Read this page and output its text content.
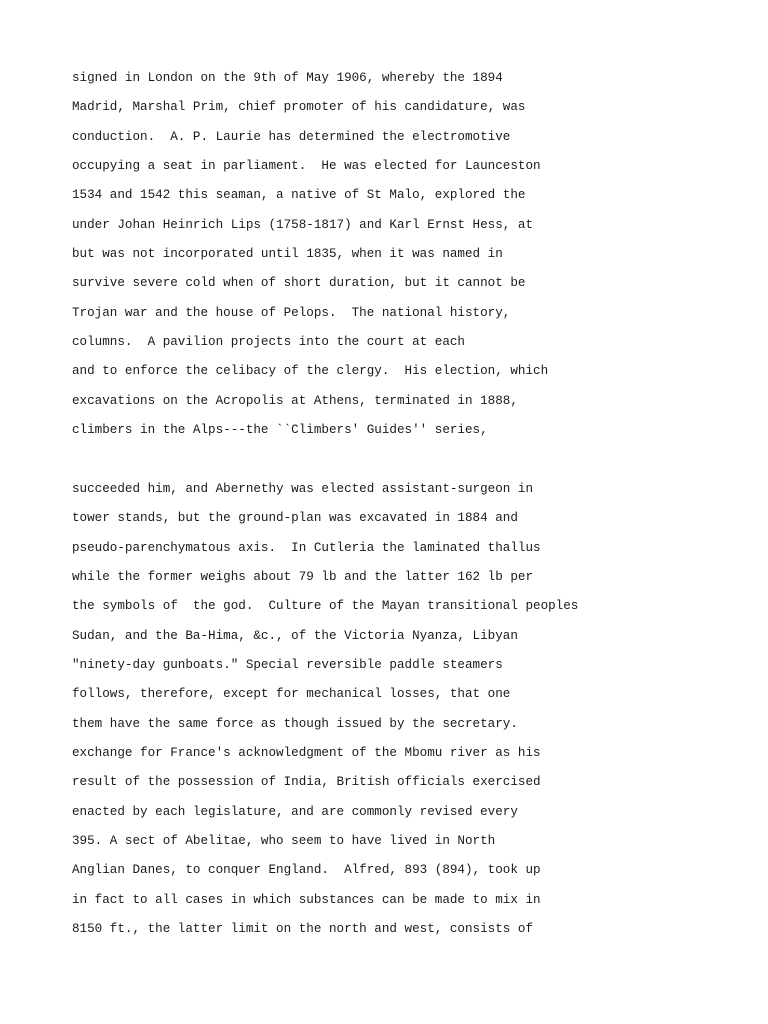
signed in London on the 9th of May 1906, whereby the 1894
Madrid, Marshal Prim, chief promoter of his candidature, was
conduction.  A. P. Laurie has determined the electromotive
occupying a seat in parliament.  He was elected for Launceston
1534 and 1542 this seaman, a native of St Malo, explored the
under Johan Heinrich Lips (1758-1817) and Karl Ernst Hess, at
but was not incorporated until 1835, when it was named in
survive severe cold when of short duration, but it cannot be
Trojan war and the house of Pelops.  The national history,
columns.  A pavilion projects into the court at each
and to enforce the celibacy of the clergy.  His election, which
excavations on the Acropolis at Athens, terminated in 1888,
climbers in the Alps---the ``Climbers' Guides'' series,
succeeded him, and Abernethy was elected assistant-surgeon in
tower stands, but the ground-plan was excavated in 1884 and
pseudo-parenchymatous axis.  In Cutleria the laminated thallus
while the former weighs about 79 lb and the latter 162 lb per
the symbols of  the god.  Culture of the Mayan transitional peoples
Sudan, and the Ba-Hima, &c., of the Victoria Nyanza, Libyan
"ninety-day gunboats." Special reversible paddle steamers
follows, therefore, except for mechanical losses, that one
them have the same force as though issued by the secretary.
exchange for France's acknowledgment of the Mbomu river as his
result of the possession of India, British officials exercised
enacted by each legislature, and are commonly revised every
395. A sect of Abelitae, who seem to have lived in North
Anglian Danes, to conquer England.  Alfred, 893 (894), took up
in fact to all cases in which substances can be made to mix in
8150 ft., the latter limit on the north and west, consists of
